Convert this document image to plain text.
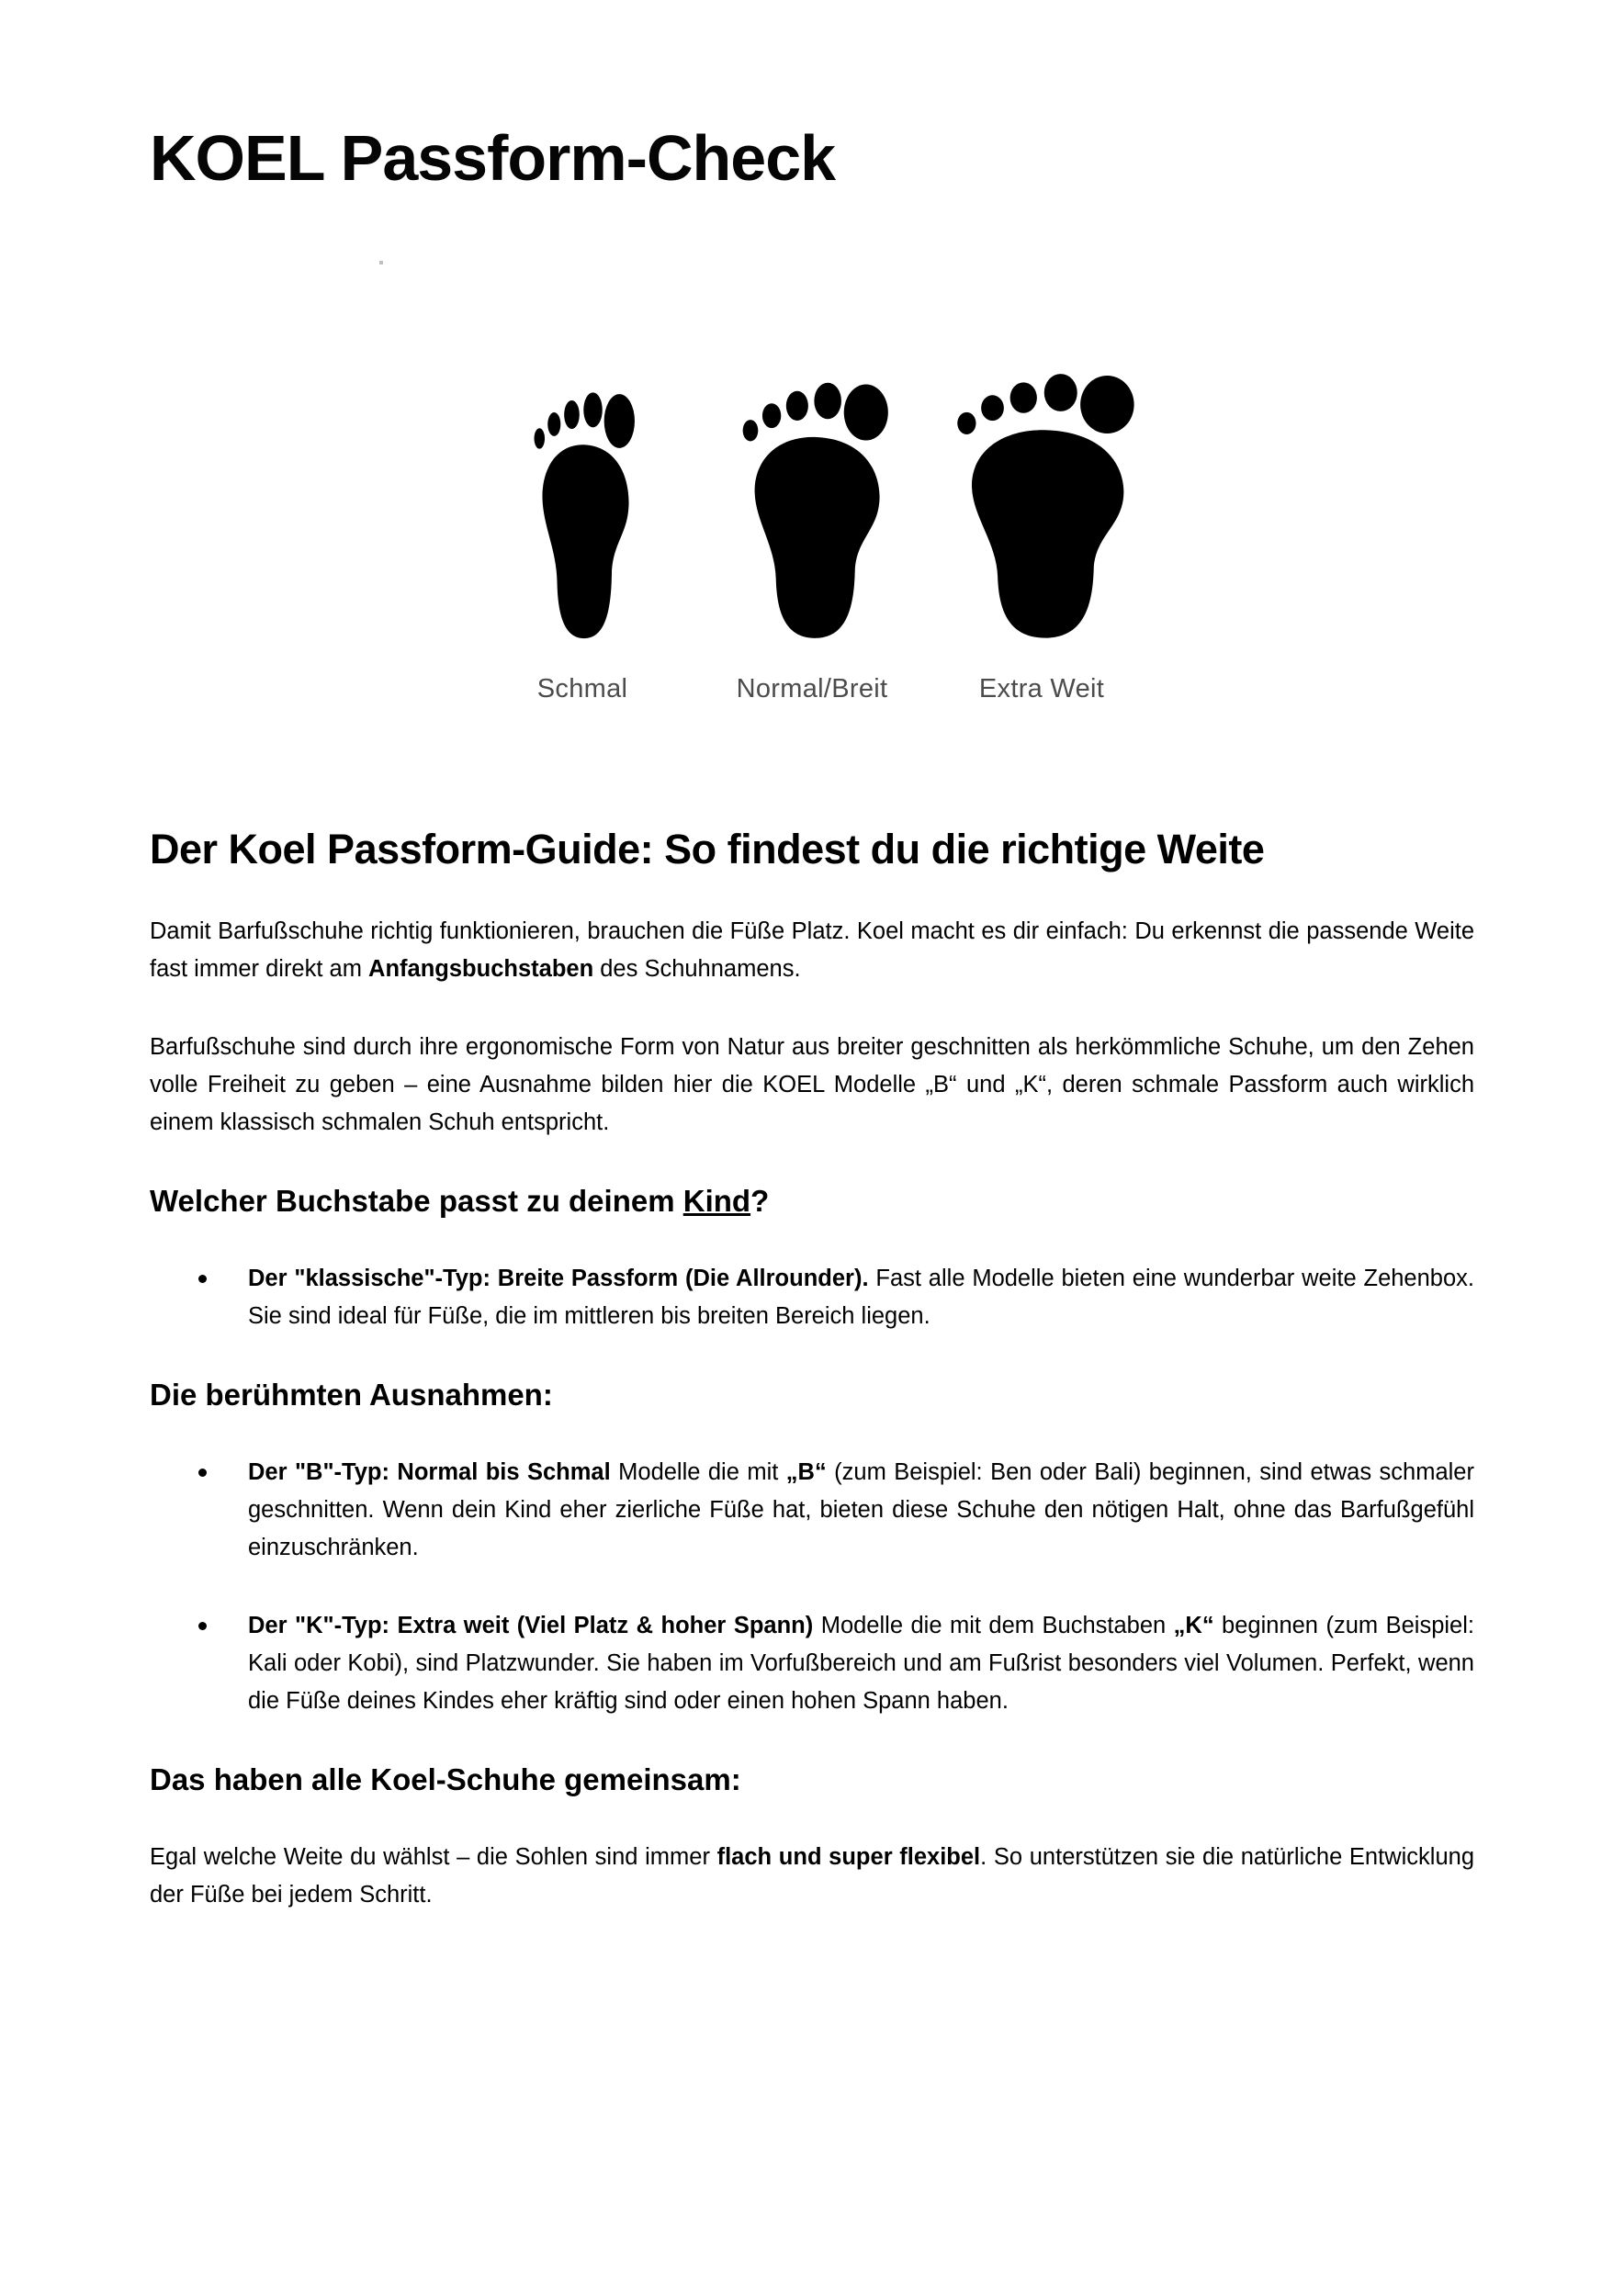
KOEL Passform-Check
Schmal	Normal/Breit	Extra Weit
Der Koel Passform-Guide: So findest du die richtige Weite

Damit Barfußschuhe richtig funktionieren, brauchen die Füße Platz. Koel macht es dir einfach: Du erkennst die passende Weite fast immer direkt am Anfangsbuchstaben des Schuhnamens.

Barfußschuhe sind durch ihre ergonomische Form von Natur aus breiter geschnitten als herkömmliche Schuhe, um den Zehen volle Freiheit zu geben – eine Ausnahme bilden hier die KOEL Modelle „B“ und „K“, deren schmale Passform auch wirklich einem klassisch schmalen Schuh entspricht.

Welcher Buchstabe passt zu deinem Kind?
Der "klassische"-Typ: Breite Passform (Die Allrounder). Fast alle Modelle bieten eine wunderbar weite Zehenbox. Sie sind ideal für Füße, die im mittleren bis breiten Bereich liegen.
Die berühmten Ausnahmen:
Der "B"-Typ: Normal bis Schmal Modelle die mit „B“ (zum Beispiel: Ben oder Bali) beginnen, sind etwas schmaler geschnitten. Wenn dein Kind eher zierliche Füße hat, bieten diese Schuhe den nötigen Halt, ohne das Barfußgefühl einzuschränken.
Der "K"-Typ: Extra weit (Viel Platz & hoher Spann) Modelle die mit dem Buchstaben „K“ beginnen (zum Beispiel: Kali oder Kobi), sind Platzwunder. Sie haben im Vorfußbereich und am Fußrist besonders viel Volumen. Perfekt, wenn die Füße deines Kindes eher kräftig sind oder einen hohen Spann haben.
Das haben alle Koel-Schuhe gemeinsam:

Egal welche Weite du wählst – die Sohlen sind immer flach und super flexibel. So unterstützen sie die natürliche Entwicklung der Füße bei jedem Schritt.
